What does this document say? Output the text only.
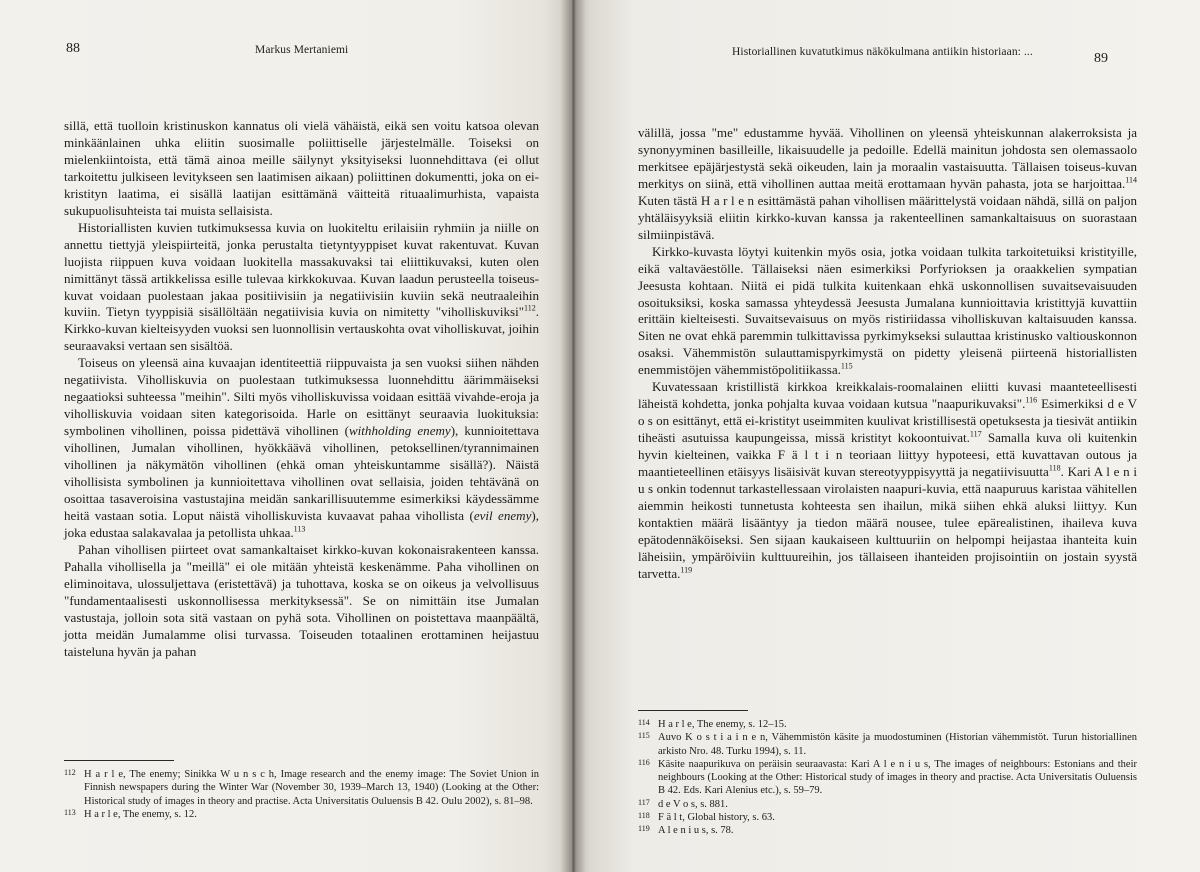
88	Markus Mertaniemi

sillä, että tuolloin kristinuskon kannatus oli vielä vähäistä, eikä sen voitu katsoa olevan minkäänlainen uhka eliitin suosimalle poliittiselle järjestelmälle. Toiseksi on mielenkiintoista, että tämä ainoa meille säilynyt yksityiseksi luonnehdittava (ei ollut tarkoitettu julkiseen levitykseen sen laatimisen aikaan) poliittinen dokumentti, joka on ei-kristityn laatima, ei sisällä laatijan esittämänä väitteitä rituaalimurhista, vapaista sukupuolisuhteista tai muista sellaisista.

Historiallisten kuvien tutkimuksessa kuvia on luokiteltu erilaisiin ryhmiin ja niille on annettu tiettyjä yleispiirteitä, jonka perustalta tietyntyyppiset kuvat rakentuvat. Kuvan luojista riippuen kuva voidaan luokitella massakuvaksi tai eliittikuvaksi, kuten olen nimittänyt tässä artikkelissa esille tulevaa kirkkokuvaa. Kuvan laadun perusteella toiseus-kuvat voidaan puolestaan jakaa positiivisiin ja negatiivisiin kuviin sekä neutraaleihin kuviin. Tietyn tyyppisiä sisällöltään negatiivisia kuvia on nimitetty "viholliskuviksi"$^{112}$. Kirkko-kuvan kielteisyyden vuoksi sen luonnollisin vertauskohta ovat viholliskuvat, joihin seuraavaksi vertaan sen sisältöä.

Toiseus on yleensä aina kuvaajan identiteettiä riippuvaista ja sen vuoksi siihen nähden negatiivista. Viholliskuvia on puolestaan tutkimuksessa luonnehdittu äärimmäiseksi negaatioksi suhteessa "meihin". Silti myös viholliskuvissa voidaan esittää vivahde-eroja ja viholliskuvia voidaan siten kategorisoida. Harle on esittänyt seuraavia luokituksia: symbolinen vihollinen, poissa pidettävä vihollinen (withholding enemy), kunnioitettava vihollinen, Jumalan vihollinen, hyökkäävä vihollinen, petoksellinen/tyrannimainen vihollinen ja näkymätön vihollinen (ehkä oman yhteiskuntamme sisällä?). Näistä vihollisista symbolinen ja kunnioitettava vihollinen ovat sellaisia, joiden tehtävänä on osoittaa tasaveroisina vastustajina meidän sankarillisuutemme esimerkiksi käydessämme heitä vastaan sotia. Loput näistä viholliskuvista kuvaavat pahaa vihollista (evil enemy), joka edustaa salakavalaa ja petollista uhkaa.$^{113}$

Pahan vihollisen piirteet ovat samankaltaiset kirkko-kuvan kokonaisrakenteen kanssa. Pahalla vihollisella ja "meillä" ei ole mitään yhteistä keskenämme. Paha vihollinen on eliminoitava, ulossuljettava (eristettävä) ja tuhottava, koska se on oikeus ja velvollisuus "fundamentaalisesti uskonnollisessa merkityksessä". Se on nimittäin itse Jumalan vastustaja, jolloin sota sitä vastaan on pyhä sota. Vihollinen on poistettava maanpäältä, jotta meidän Jumalamme olisi turvassa. Toiseuden totaalinen erottaminen heijastuu taisteluna hyvän ja pahan

112 H a r l e, The enemy; Sinikka W u n s c h, Image research and the enemy image: The Soviet Union in Finnish newspapers during the Winter War (November 30, 1939–March 13, 1940) (Looking at the Other: Historical study of images in theory and practise. Acta Universitatis Ouluensis B 42. Oulu 2002), s. 81–98.
113 H a r l e, The enemy, s. 12.
Historiallinen kuvatutkimus näkökulmana antiikin historiaan: ...	89

välillä, jossa "me" edustamme hyvää. Vihollinen on yleensä yhteiskunnan alakerroksista ja synonyyminen basilleille, likaisuudelle ja pedoille. Edellä mainitun johdosta sen olemassaolo merkitsee epäjärjestystä sekä oikeuden, lain ja moraalin vastaisuutta. Tällaisen toiseus-kuvan merkitys on siinä, että vihollinen auttaa meitä erottamaan hyvän pahasta, jota se harjoittaa.$^{114}$ Kuten tästä H a r l e n esittämästä pahan vihollisen määrittelystä voidaan nähdä, sillä on paljon yhtäläisyyksiä eliitin kirkko-kuvan kanssa ja rakenteellinen samankaltaisuus on suorastaan silmiinpistävä.

Kirkko-kuvasta löytyi kuitenkin myös osia, jotka voidaan tulkita tarkoitetuiksi kristityille, eikä valtaväestölle. Tällaiseksi näen esimerkiksi Porfyrioksen ja oraakkelien sympatian Jeesusta kohtaan. Niitä ei pidä tulkita kuitenkaan ehkä uskonnollisen suvaitsevaisuuden osoituksiksi, koska samassa yhteydessä Jeesusta Jumalana kunnioittavia kristittyjä kuvattiin erittäin kielteisesti. Suvaitsevaisuus on myös ristiriidassa viholliskuvan kaltaisuuden kanssa. Siten ne ovat ehkä paremmin tulkittavissa pyrkimykseksi sulauttaa kristinusko valtiouskonnon osaksi. Vähemmistön sulauttamispyrkimystä on pidetty yleisenä piirteenä historiallisten enemmistöjen vähemmistöpolitiikassa.$^{115}$

Kuvatessaan kristillistä kirkkoa kreikkalais-roomalainen eliitti kuvasi maanteteellisesti läheistä kohdetta, jonka pohjalta kuvaa voidaan kutsua "naapurikuvaksi".$^{116}$ Esimerkiksi d e V o s on esittänyt, että ei-kristityt useimmiten kuulivat kristillisestä opetuksesta ja tiesivät antiikin tiheästi asutuissa kaupungeissa, missä kristityt kokoontuivat.$^{117}$ Samalla kuva oli kuitenkin hyvin kielteinen, vaikka F ä l t i n teoriaan liittyy hypoteesi, että kuvattavan outous ja maantieteellinen etäisyys lisäisivät kuvan stereotyyppisyyttä ja negatiivisuutta$^{118}$. Kari A l e n i u s onkin todennut tarkastellessaan virolaisten naapuri-kuvia, että naapuruus karistaa vähitellen aiemmin heikosti tunnetusta kohteesta sen ihailun, mikä siihen ehkä aluksi liittyy. Kun kontaktien määrä lisääntyy ja tiedon määrä nousee, tulee epärealistinen, ihaileva kuva epätodennäköiseksi. Sen sijaan kaukaiseen kulttuuriin on helpompi heijastaa ihanteita kuin läheisiin, ympäröiviin kulttuureihin, jos tällaiseen ihanteiden projisointiin on jostain syystä tarvetta.$^{119}$

114 H a r l e, The enemy, s. 12–15.
115 Auvo K o s t i a i n e n, Vähemmistön käsite ja muodostuminen (Historian vähemmistöt. Turun historiallinen arkisto Nro. 48. Turku 1994), s. 11.
116 Käsite naapurikuva on peräisin seuraavasta: Kari A l e n i u s, The images of neighbours: Estonians and their neighbours (Looking at the Other: Historical study of images in theory and practise. Acta Universitatis Ouluensis B 42. Eds. Kari Alenius etc.), s. 59–79.
117 d e V o s, s. 881.
118 F ä l t, Global history, s. 63.
119 A l e n i u s, s. 78.
